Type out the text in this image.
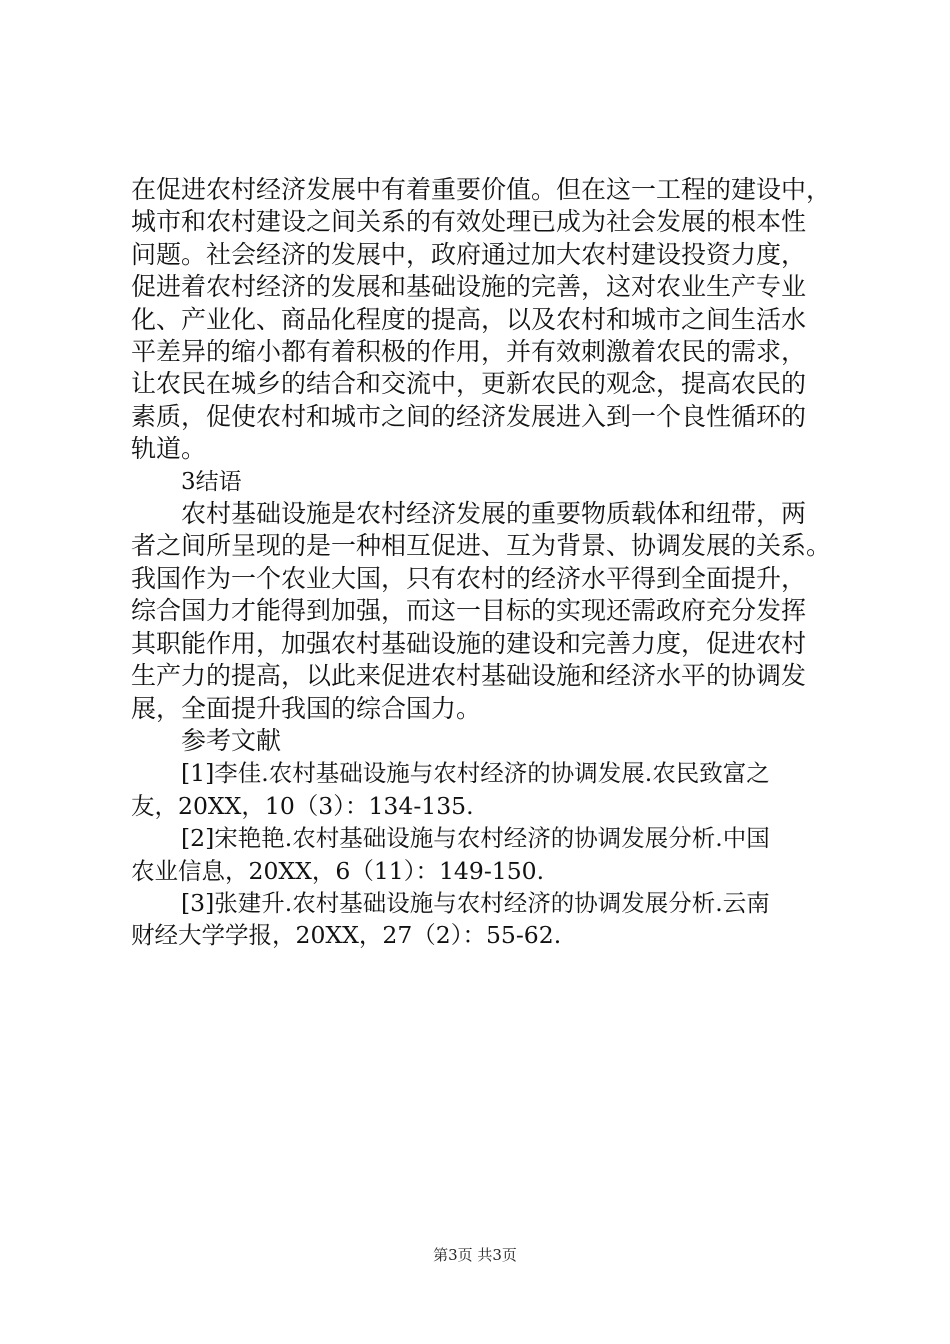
在促进农村经济发展中有着重要价值。但在这一工程的建设中，
城市和农村建设之间关系的有效处理已成为社会发展的根本性
问题。社会经济的发展中，政府通过加大农村建设投资力度，
促进着农村经济的发展和基础设施的完善，这对农业生产专业
化、产业化、商品化程度的提高，以及农村和城市之间生活水
平差异的缩小都有着积极的作用，并有效刺激着农民的需求，
让农民在城乡的结合和交流中，更新农民的观念，提高农民的
素质，促使农村和城市之间的经济发展进入到一个良性循环的
轨道。
3结语
农村基础设施是农村经济发展的重要物质载体和纽带，两
者之间所呈现的是一种相互促进、互为背景、协调发展的关系。
我国作为一个农业大国，只有农村的经济水平得到全面提升，
综合国力才能得到加强，而这一目标的实现还需政府充分发挥
其职能作用，加强农村基础设施的建设和完善力度，促进农村
生产力的提高，以此来促进农村基础设施和经济水平的协调发
展，全面提升我国的综合国力。
参考文献
[1]李佳.农村基础设施与农村经济的协调发展.农民致富之
友，20XX，10（3）：134-135.
[2]宋艳艳.农村基础设施与农村经济的协调发展分析.中国
农业信息，20XX，6（11）：149-150.
[3]张建升.农村基础设施与农村经济的协调发展分析.云南
财经大学学报，20XX，27（2）：55-62.
第3页 共3页
